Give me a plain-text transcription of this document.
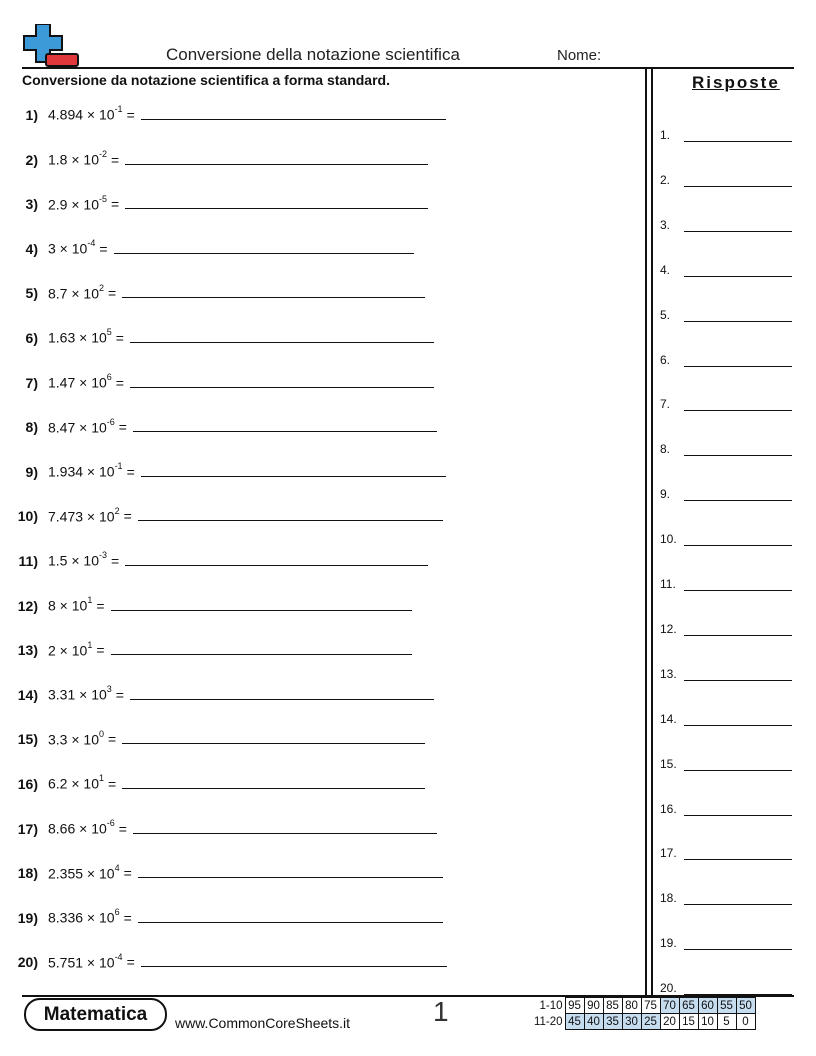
Conversione della notazione scientifica	Nome:
Conversione da notazione scientifica a forma standard.
1) $4.894 \times 10^{-1}$ =
2) $1.8 \times 10^{-2}$ =
3) $2.9 \times 10^{-5}$ =
4) $3 \times 10^{-4}$ =
5) $8.7 \times 10^2$ =
6) $1.63 \times 10^5$ =
7) $1.47 \times 10^6$ =
8) $8.47 \times 10^{-6}$ =
9) $1.934 \times 10^{-1}$ =
10) $7.473 \times 10^2$ =
11) $1.5 \times 10^{-3}$ =
12) $8 \times 10^1$ =
13) $2 \times 10^1$ =
14) $3.31 \times 10^3$ =
15) $3.3 \times 10^0$ =
16) $6.2 \times 10^1$ =
17) $8.66 \times 10^{-6}$ =
18) $2.355 \times 10^4$ =
19) $8.336 \times 10^6$ =
20) $5.751 \times 10^{-4}$ =
Risposte
1.
2.
3.
4.
5.
6.
7.
8.
9.
10.
11.
12.
13.
14.
15.
16.
17.
18.
19.
20.
Matematica www.CommonCoreSheets.it	1	1-10	95	90	85	80	75	70	65	60	55	50
11-20	45	40	35	30	25	20	15	10	5	0
